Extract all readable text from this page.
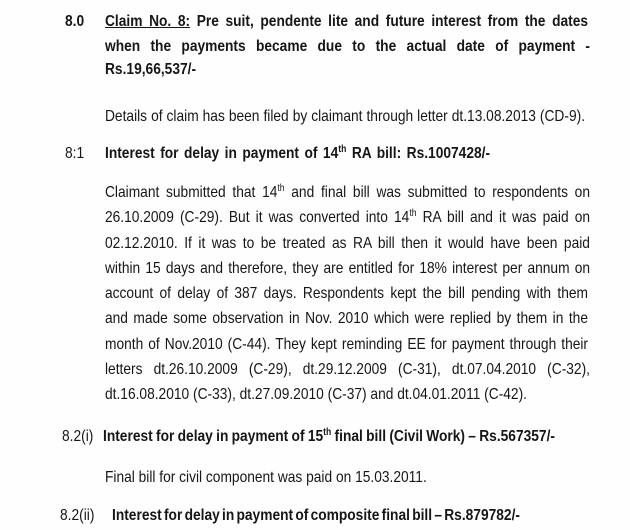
8.0 Claim No. 8: Pre suit, pendente lite and future interest from the dates
when the payments became due to the actual date of payment -
Rs.19,66,537/-
Details of claim has been filed by claimant through letter dt.13.08.2013 (CD-9).
8:1 Interest for delay in payment of 14th RA bill: Rs.1007428/-
Claimant submitted that 14th and final bill was submitted to respondents on
26.10.2009 (C-29). But it was converted into 14th RA bill and it was paid on
02.12.2010. If it was to be treated as RA bill then it would have been paid
within 15 days and therefore, they are entitled for 18% interest per annum on
account of delay of 387 days. Respondents kept the bill pending with them
and made some observation in Nov. 2010 which were replied by them in the
month of Nov.2010 (C-44). They kept reminding EE for payment through their
letters dt.26.10.2009 (C-29), dt.29.12.2009 (C-31), dt.07.04.2010 (C-32),
dt.16.08.2010 (C-33), dt.27.09.2010 (C-37) and dt.04.01.2011 (C-42).
8.2(i) Interest for delay in payment of 15th final bill (Civil Work) – Rs.567357/-
Final bill for civil component was paid on 15.03.2011.
8.2(ii) Interest for delay in payment of composite final bill – Rs.879782/-
